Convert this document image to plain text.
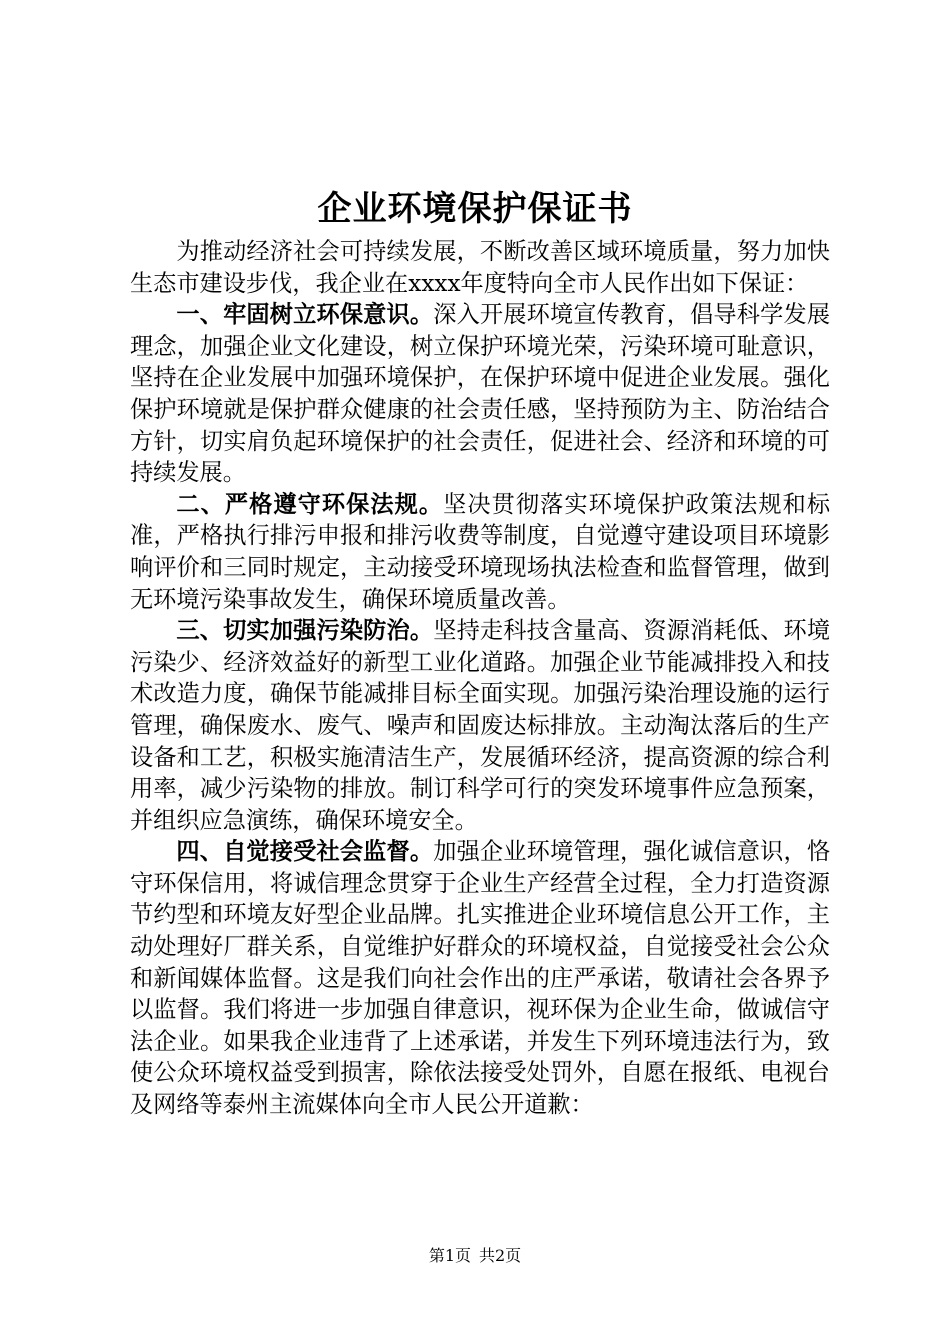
企业环境保护保证书

为推动经济社会可持续发展，不断改善区域环境质量，努力加快生态市建设步伐，我企业在xxxx年度特向全市人民作出如下保证：

一、牢固树立环保意识。深入开展环境宣传教育，倡导科学发展理念，加强企业文化建设，树立保护环境光荣，污染环境可耻意识，坚持在企业发展中加强环境保护，在保护环境中促进企业发展。强化保护环境就是保护群众健康的社会责任感，坚持预防为主、防治结合方针，切实肩负起环境保护的社会责任，促进社会、经济和环境的可持续发展。

二、严格遵守环保法规。坚决贯彻落实环境保护政策法规和标准，严格执行排污申报和排污收费等制度，自觉遵守建设项目环境影响评价和三同时规定，主动接受环境现场执法检查和监督管理，做到无环境污染事故发生，确保环境质量改善。

三、切实加强污染防治。坚持走科技含量高、资源消耗低、环境污染少、经济效益好的新型工业化道路。加强企业节能减排投入和技术改造力度，确保节能减排目标全面实现。加强污染治理设施的运行管理，确保废水、废气、噪声和固废达标排放。主动淘汰落后的生产设备和工艺，积极实施清洁生产，发展循环经济，提高资源的综合利用率，减少污染物的排放。制订科学可行的突发环境事件应急预案，并组织应急演练，确保环境安全。

四、自觉接受社会监督。加强企业环境管理，强化诚信意识，恪守环保信用，将诚信理念贯穿于企业生产经营全过程，全力打造资源节约型和环境友好型企业品牌。扎实推进企业环境信息公开工作，主动处理好厂群关系，自觉维护好群众的环境权益，自觉接受社会公众和新闻媒体监督。这是我们向社会作出的庄严承诺，敬请社会各界予以监督。我们将进一步加强自律意识，视环保为企业生命，做诚信守法企业。如果我企业违背了上述承诺，并发生下列环境违法行为，致使公众环境权益受到损害，除依法接受处罚外，自愿在报纸、电视台及网络等泰州主流媒体向全市人民公开道歉：

第1页 共2页
